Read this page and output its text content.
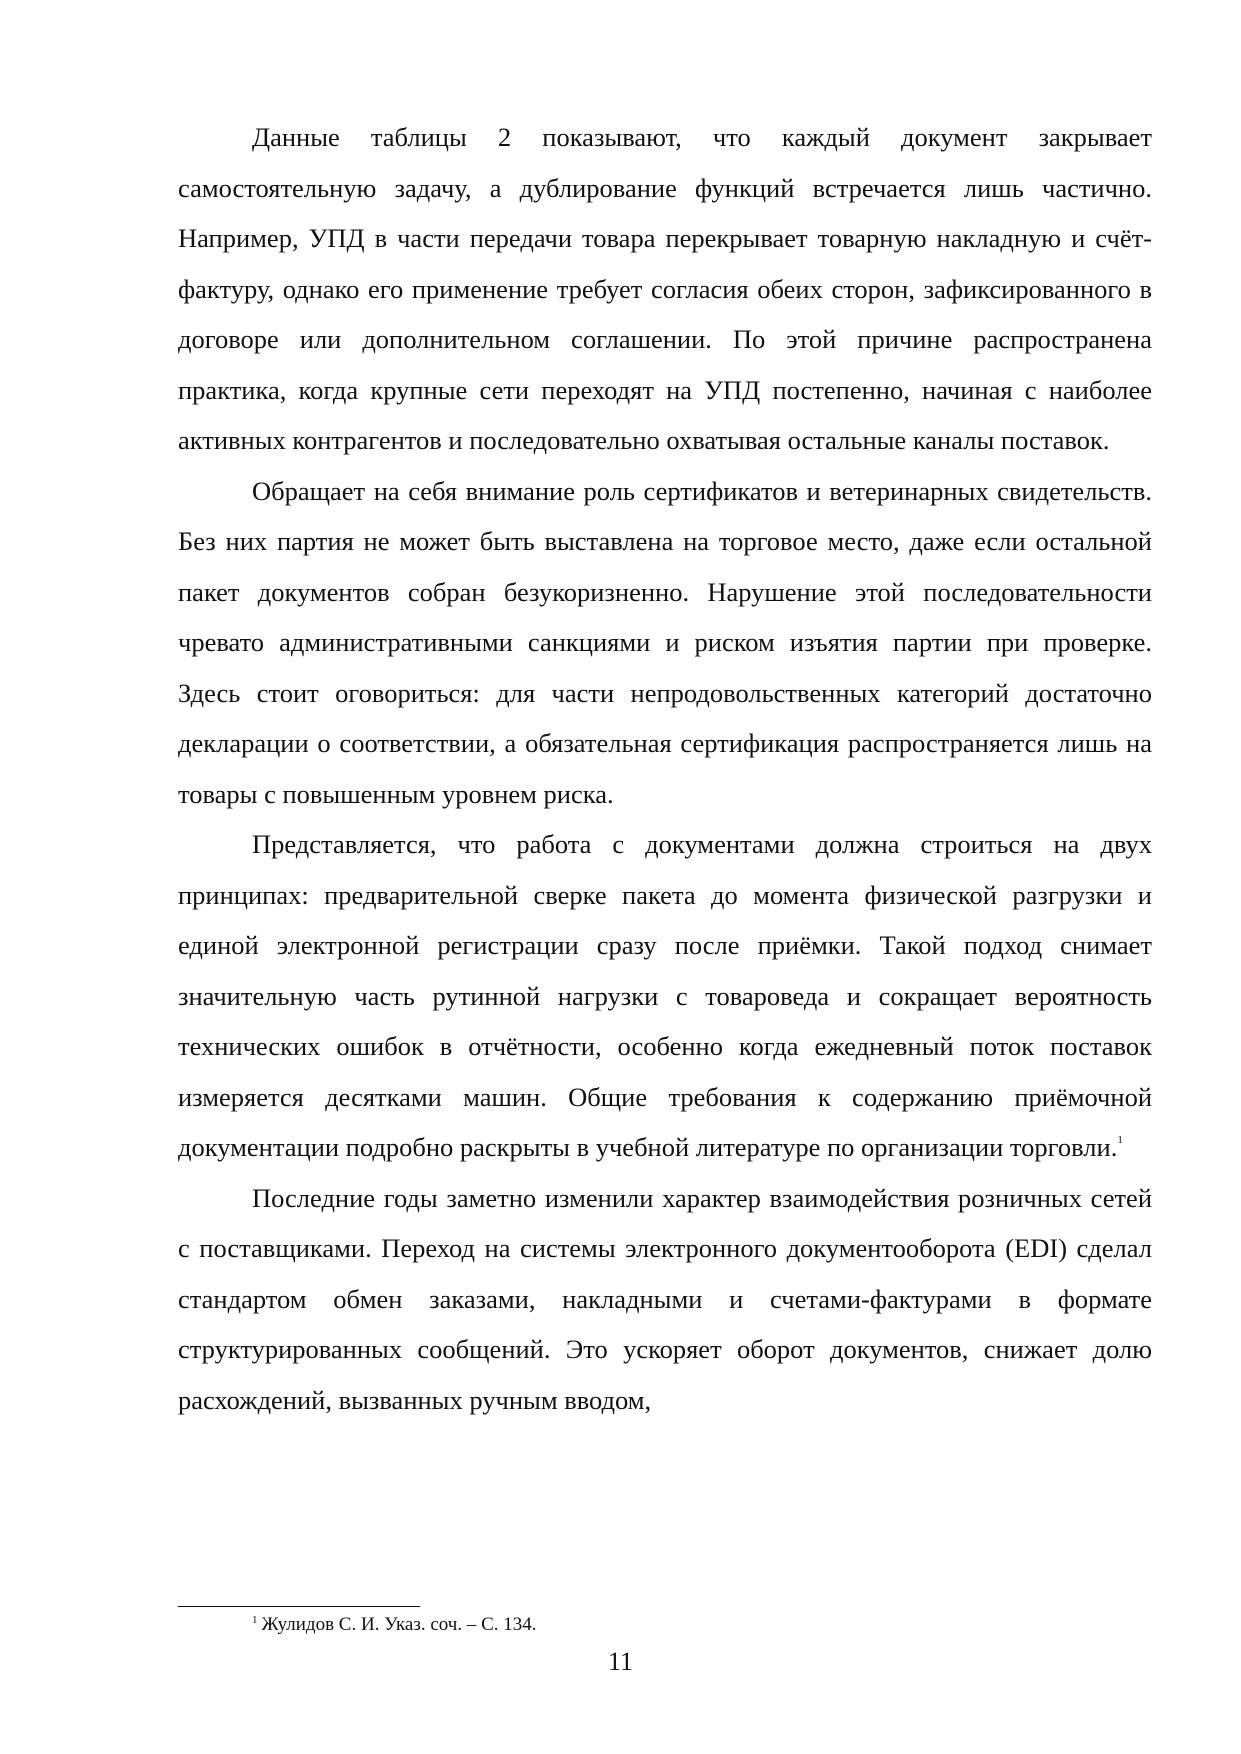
Данные таблицы 2 показывают, что каждый документ закрывает самостоятельную задачу, а дублирование функций встречается лишь частично. Например, УПД в части передачи товара перекрывает товарную накладную и счёт-фактуру, однако его применение требует согласия обеих сторон, зафиксированного в договоре или дополнительном соглашении. По этой причине распространена практика, когда крупные сети переходят на УПД постепенно, начиная с наиболее активных контрагентов и последовательно охватывая остальные каналы поставок.

Обращает на себя внимание роль сертификатов и ветеринарных свидетельств. Без них партия не может быть выставлена на торговое место, даже если остальной пакет документов собран безукоризненно. Нарушение этой последовательности чревато административными санкциями и риском изъятия партии при проверке. Здесь стоит оговориться: для части непродовольственных категорий достаточно декларации о соответствии, а обязательная сертификация распространяется лишь на товары с повышенным уровнем риска.

Представляется, что работа с документами должна строиться на двух принципах: предварительной сверке пакета до момента физической разгрузки и единой электронной регистрации сразу после приёмки. Такой подход снимает значительную часть рутинной нагрузки с товароведа и сокращает вероятность технических ошибок в отчётности, особенно когда ежедневный поток поставок измеряется десятками машин. Общие требования к содержанию приёмочной документации подробно раскрыты в учебной литературе по организации торговли.$^1$

Последние годы заметно изменили характер взаимодействия розничных сетей с поставщиками. Переход на системы электронного документооборота (EDI) сделал стандартом обмен заказами, накладными и счетами-фактурами в формате структурированных сообщений. Это ускоряет оборот документов, снижает долю расхождений, вызванных ручным вводом,

$^1$ Жулидов С. И. Указ. соч. – С. 134.
11
